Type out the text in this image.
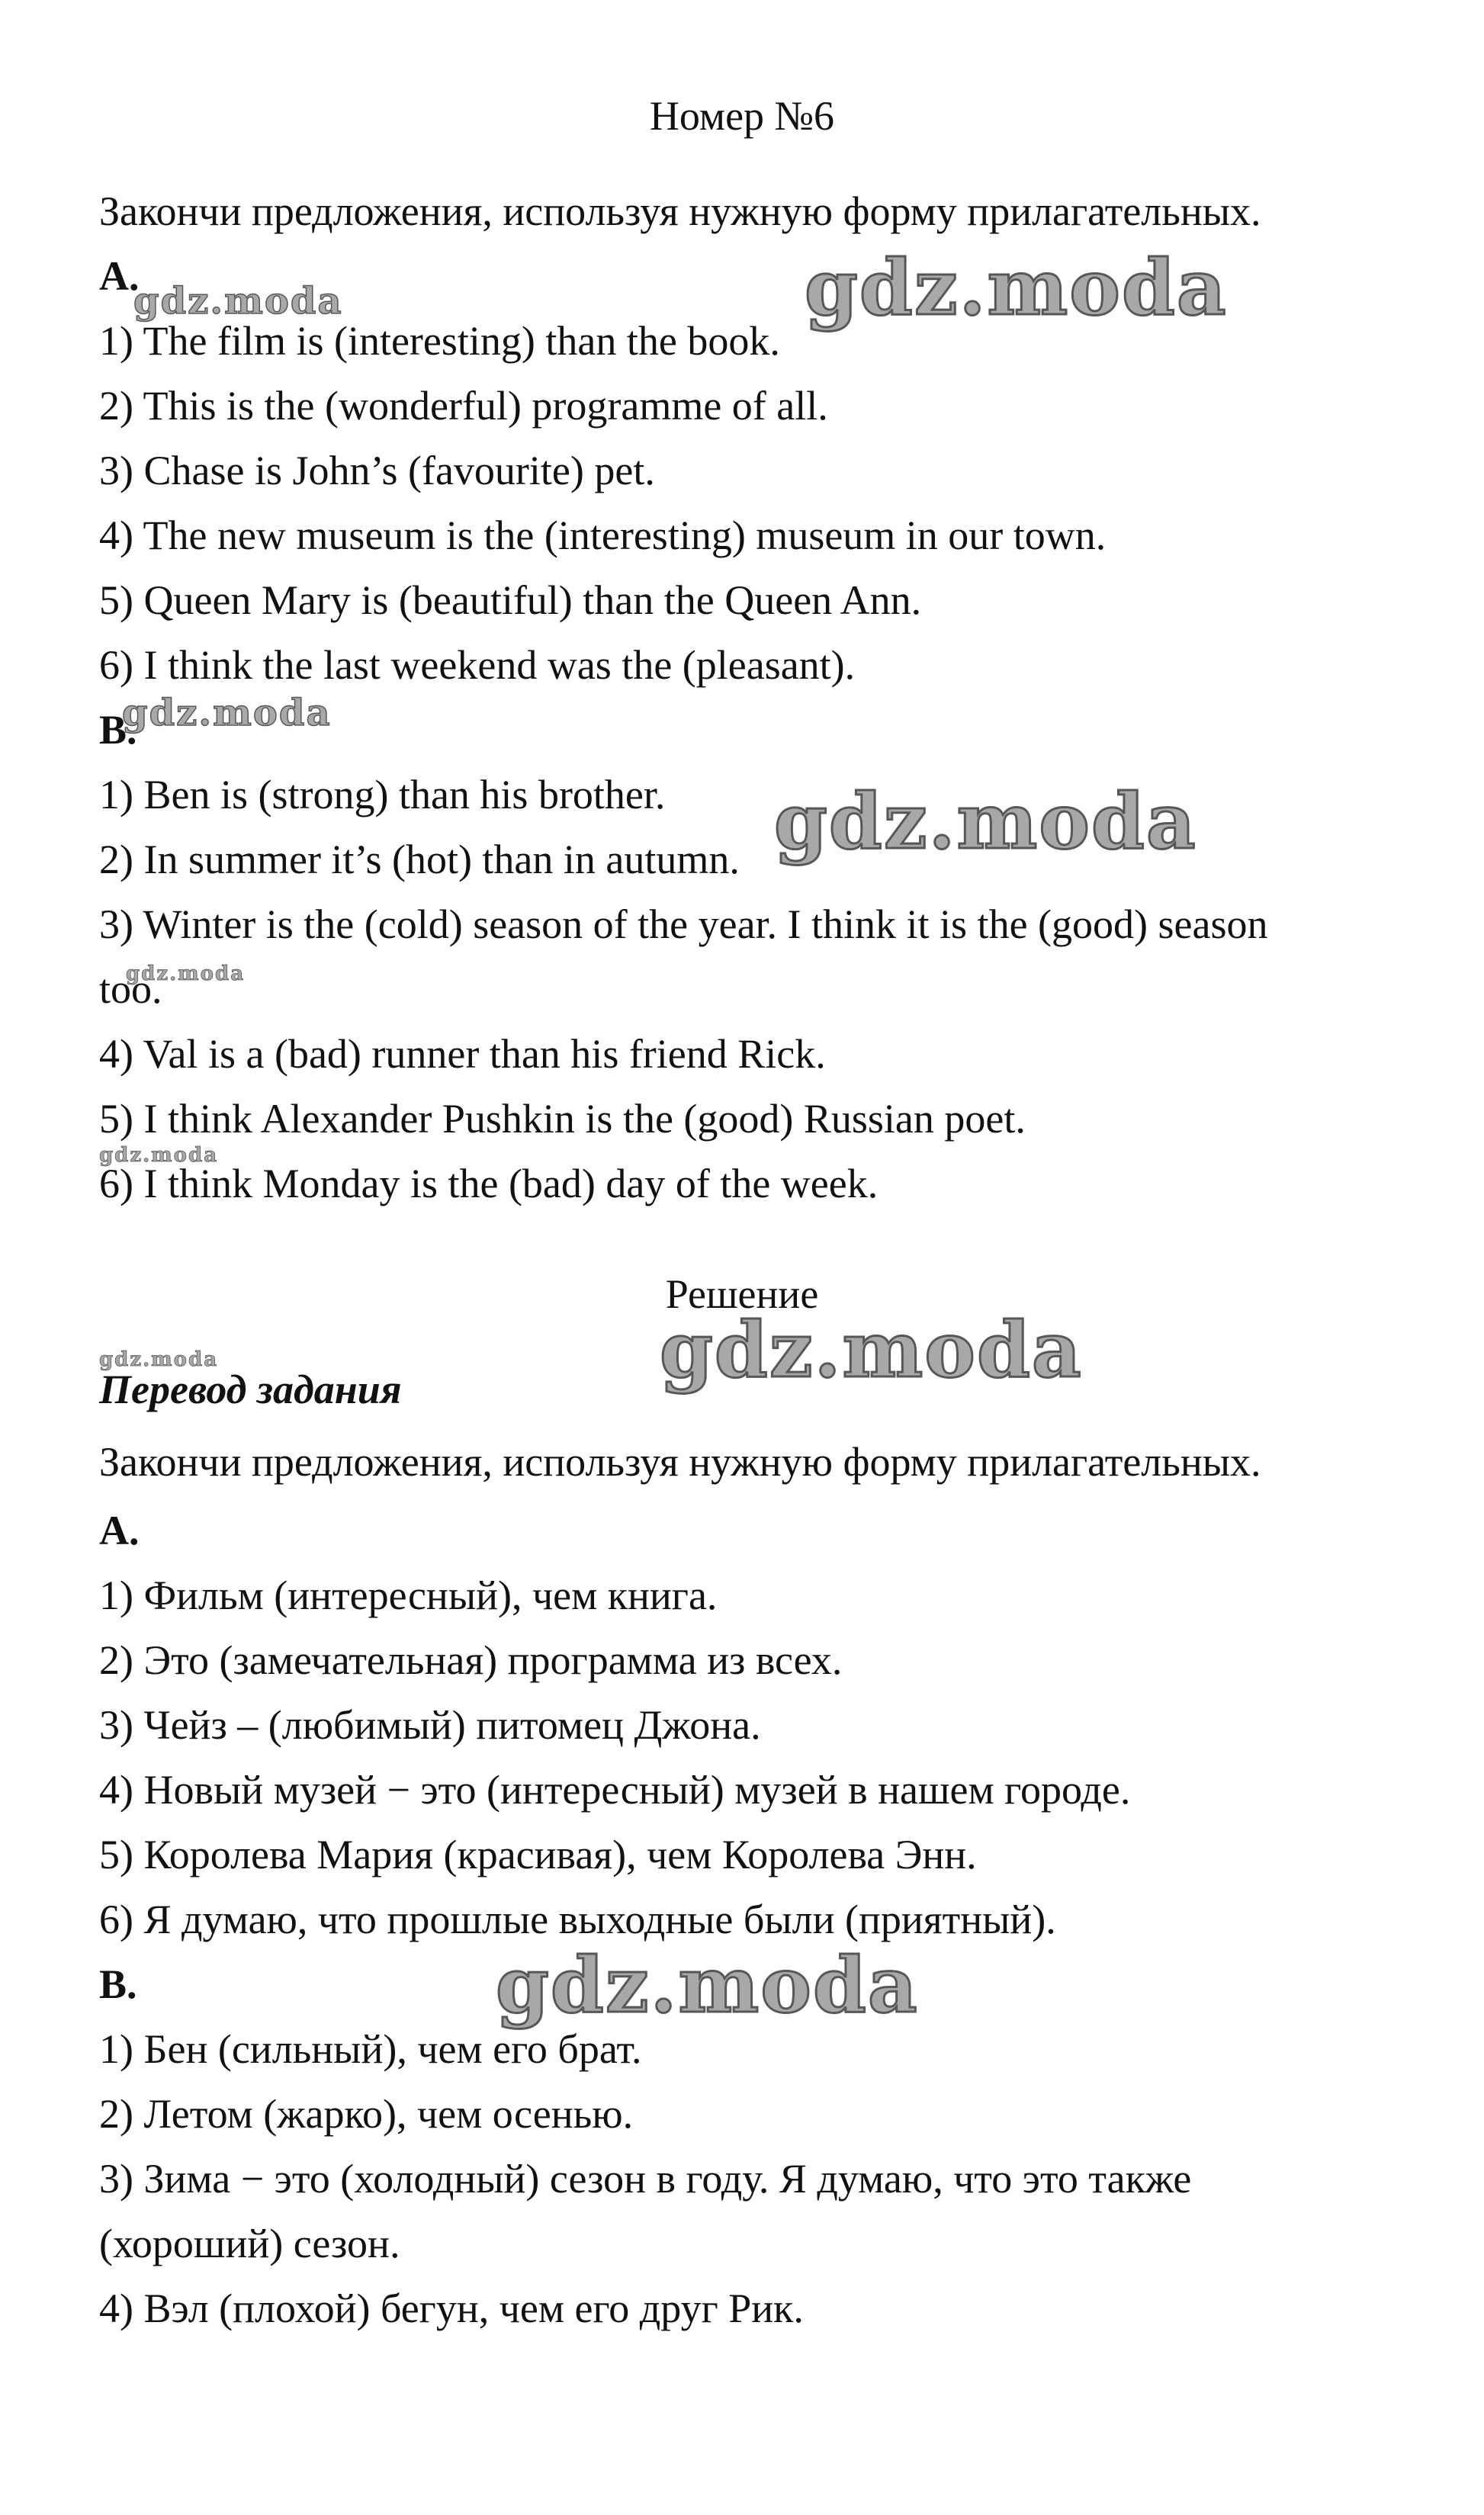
Номер №6
Закончи предложения, используя нужную форму прилагательных.
A.
1) The film is (interesting) than the book.
2) This is the (wonderful) programme of all.
3) Chase is John’s (favourite) pet.
4) The new museum is the (interesting) museum in our town.
5) Queen Mary is (beautiful) than the Queen Ann.
6) I think the last weekend was the (pleasant).
B.
1) Ben is (strong) than his brother.
2) In summer it’s (hot) than in autumn.
3) Winter is the (cold) season of the year. I think it is the (good) season
too.
4) Val is a (bad) runner than his friend Rick.
5) I think Alexander Pushkin is the (good) Russian poet.
6) I think Monday is the (bad) day of the week.
Решение
Перевод задания
Закончи предложения, используя нужную форму прилагательных.
А.
1) Фильм (интересный), чем книга.
2) Это (замечательная) программа из всех.
3) Чейз – (любимый) питомец Джона.
4) Новый музей − это (интересный) музей в нашем городе.
5) Королева Мария (красивая), чем Королева Энн.
6) Я думаю, что прошлые выходные были (приятный).
В.
1) Бен (сильный), чем его брат.
2) Летом (жарко), чем осенью.
3) Зима − это (холодный) сезон в году. Я думаю, что это также
(хороший) сезон.
4) Вэл (плохой) бегун, чем его друг Рик.
gdz.moda
gdz.moda
gdz.moda
gdz.moda
gdz.moda
gdz.moda
gdz.moda
gdz.moda
gdz.moda
